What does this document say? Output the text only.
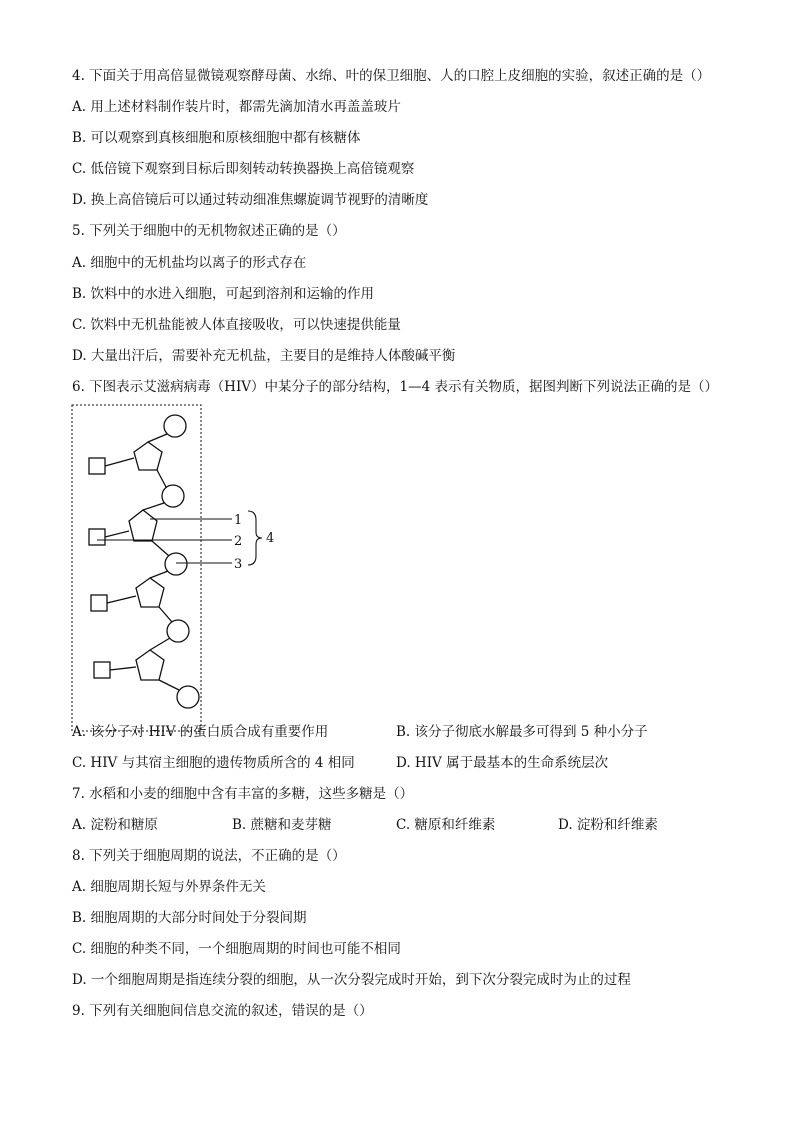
4. 下面关于用高倍显微镜观察酵母菌、水绵、叶的保卫细胞、人的口腔上皮细胞的实验，叙述正确的是（）
A. 用上述材料制作装片时，都需先滴加清水再盖盖玻片
B. 可以观察到真核细胞和原核细胞中都有核糖体
C. 低倍镜下观察到目标后即刻转动转换器换上高倍镜观察
D. 换上高倍镜后可以通过转动细准焦螺旋调节视野的清晰度
5. 下列关于细胞中的无机物叙述正确的是（）
A. 细胞中的无机盐均以离子的形式存在
B. 饮料中的水进入细胞，可起到溶剂和运输的作用
C. 饮料中无机盐能被人体直接吸收，可以快速提供能量
D. 大量出汗后，需要补充无机盐，主要目的是维持人体酸碱平衡
6. 下图表示艾滋病病毒（HIV）中某分子的部分结构，1—4 表示有关物质，据图判断下列说法正确的是（）
1
2
3
4
A. 该分子对 HIV 的蛋白质合成有重要作用	B. 该分子彻底水解最多可得到 5 种小分子
C. HIV 与其宿主细胞的遗传物质所含的 4 相同	D. HIV 属于最基本的生命系统层次
7. 水稻和小麦的细胞中含有丰富的多糖，这些多糖是（）
A. 淀粉和糖原	B. 蔗糖和麦芽糖	C. 糖原和纤维素	D. 淀粉和纤维素
8. 下列关于细胞周期的说法，不正确的是（）
A. 细胞周期长短与外界条件无关
B. 细胞周期的大部分时间处于分裂间期
C. 细胞的种类不同，一个细胞周期的时间也可能不相同
D. 一个细胞周期是指连续分裂的细胞，从一次分裂完成时开始，到下次分裂完成时为止的过程
9. 下列有关细胞间信息交流的叙述，错误的是（）
